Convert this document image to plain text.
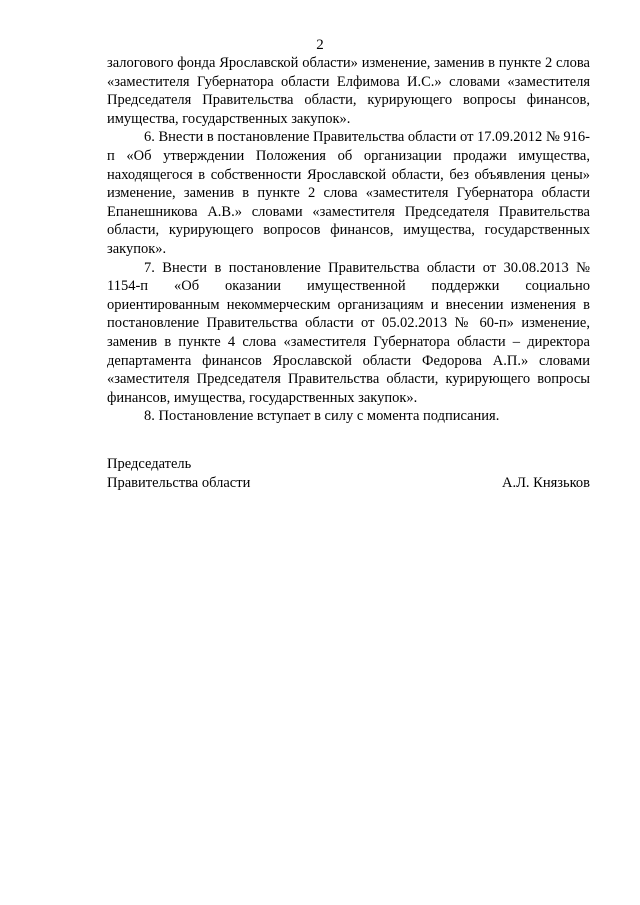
2

залогового фонда Ярославской области» изменение, заменив в пункте 2 слова «заместителя Губернатора области Елфимова И.С.» словами «заместителя Председателя Правительства области, курирующего вопросы финансов, имущества, государственных закупок».

6. Внести в постановление Правительства области от 17.09.2012 № 916-п «Об утверждении Положения об организации продажи имущества, находящегося в собственности Ярославской области, без объявления цены» изменение, заменив в пункте 2 слова «заместителя Губернатора области Епанешникова А.В.» словами «заместителя Председателя Правительства области, курирующего вопросов финансов, имущества, государственных закупок».

7. Внести в постановление Правительства области от 30.08.2013 № 1154-п «Об оказании имущественной поддержки социально ориентированным некоммерческим организациям и внесении изменения в постановление Правительства области от 05.02.2013 № 60-п» изменение, заменив в пункте 4 слова «заместителя Губернатора области – директора департамента финансов Ярославской области Федорова А.П.» словами «заместителя Председателя Правительства области, курирующего вопросы финансов, имущества, государственных закупок».

8. Постановление вступает в силу с момента подписания.

Председатель
Правительства области	А.Л. Князьков
